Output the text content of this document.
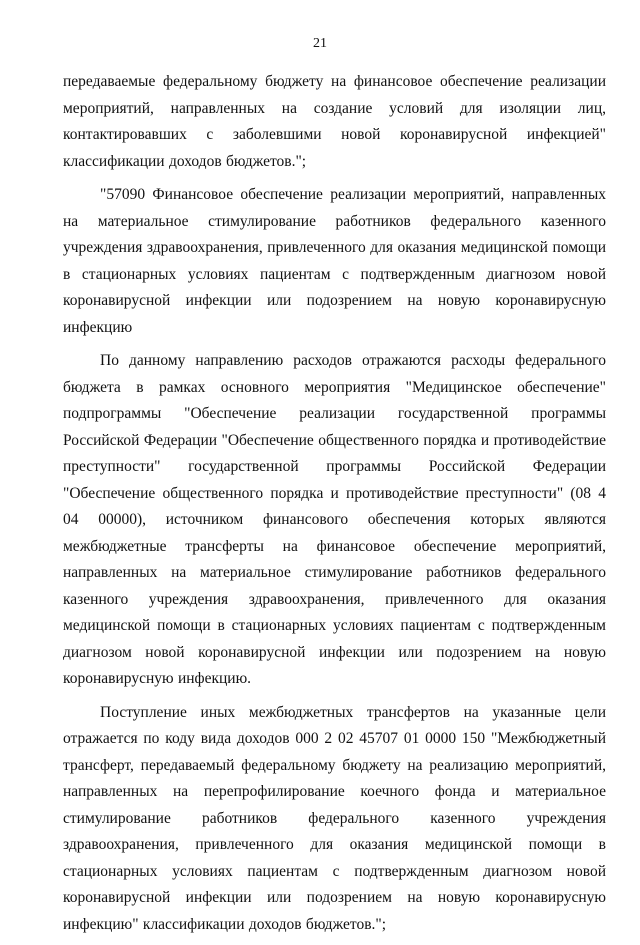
21

передаваемые федеральному бюджету на финансовое обеспечение реализации мероприятий, направленных на создание условий для изоляции лиц, контактировавших с заболевшими новой коронавирусной инфекцией" классификации доходов бюджетов.";

"57090 Финансовое обеспечение реализации мероприятий, направленных на материальное стимулирование работников федерального казенного учреждения здравоохранения, привлеченного для оказания медицинской помощи в стационарных условиях пациентам с подтвержденным диагнозом новой коронавирусной инфекции или подозрением на новую коронавирусную инфекцию

По данному направлению расходов отражаются расходы федерального бюджета в рамках основного мероприятия "Медицинское обеспечение" подпрограммы "Обеспечение реализации государственной программы Российской Федерации "Обеспечение общественного порядка и противодействие преступности" государственной программы Российской Федерации "Обеспечение общественного порядка и противодействие преступности" (08 4 04 00000), источником финансового обеспечения которых являются межбюджетные трансферты на финансовое обеспечение мероприятий, направленных на материальное стимулирование работников федерального казенного учреждения здравоохранения, привлеченного для оказания медицинской помощи в стационарных условиях пациентам с подтвержденным диагнозом новой коронавирусной инфекции или подозрением на новую коронавирусную инфекцию.

Поступление иных межбюджетных трансфертов на указанные цели отражается по коду вида доходов 000 2 02 45707 01 0000 150 "Межбюджетный трансферт, передаваемый федеральному бюджету на реализацию мероприятий, направленных на перепрофилирование коечного фонда и материальное стимулирование работников федерального казенного учреждения здравоохранения, привлеченного для оказания медицинской помощи в стационарных условиях пациентам с подтвержденным диагнозом новой коронавирусной инфекции или подозрением на новую коронавирусную инфекцию" классификации доходов бюджетов.";
